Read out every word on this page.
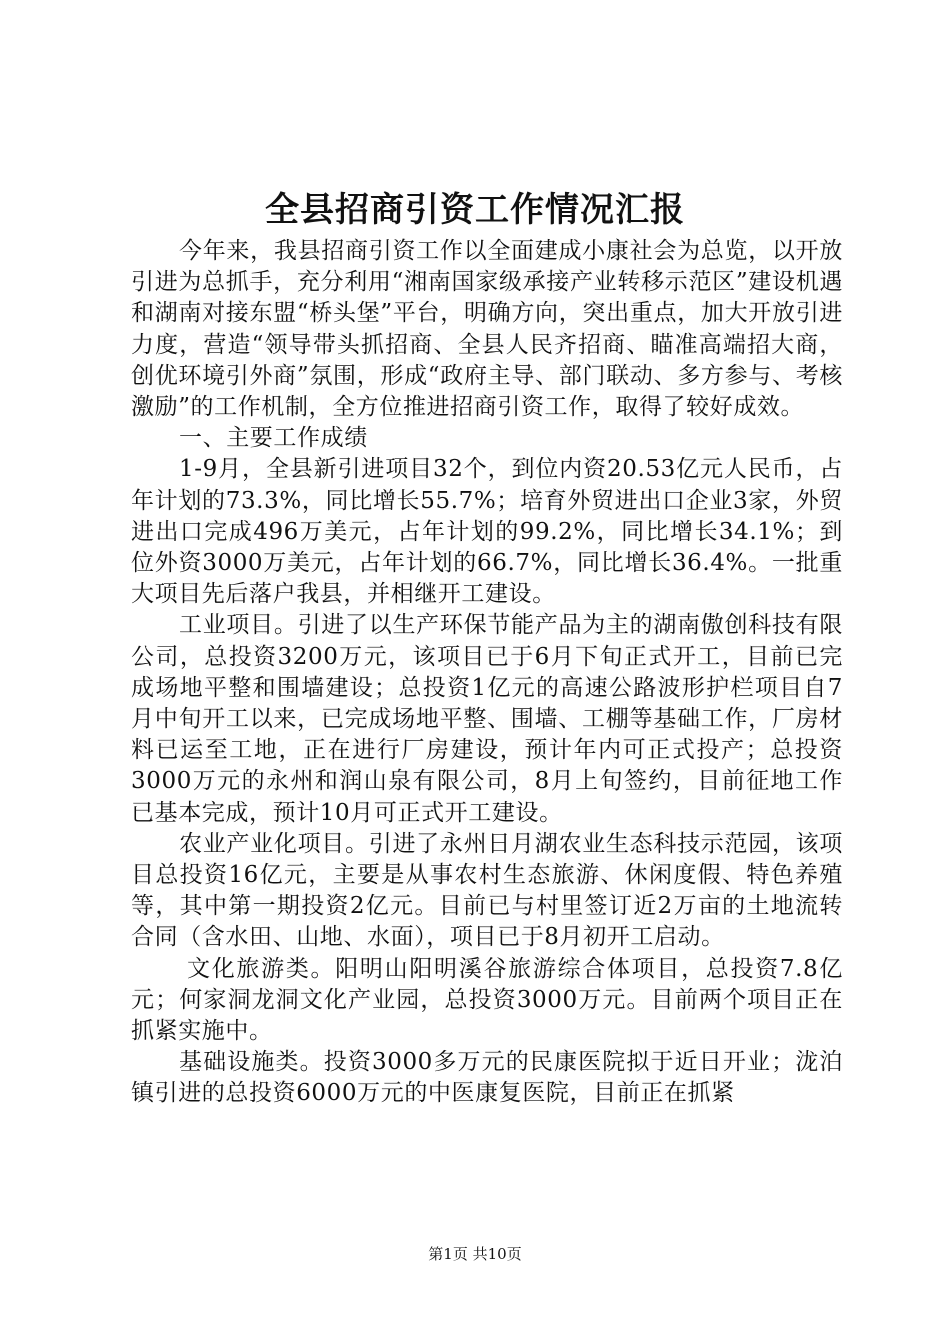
全县招商引资工作情况汇报

今年来，我县招商引资工作以全面建成小康社会为总览，以开放引进为总抓手，充分利用“湘南国家级承接产业转移示范区”建设机遇和湖南对接东盟“桥头堡”平台，明确方向，突出重点，加大开放引进力度，营造“领导带头抓招商、全县人民齐招商、瞄准高端招大商，创优环境引外商”氛围，形成“政府主导、部门联动、多方参与、考核激励”的工作机制，全方位推进招商引资工作，取得了较好成效。

一、主要工作成绩

1-9月，全县新引进项目32个，到位内资20.53亿元人民币，占年计划的73.3%，同比增长55.7%；培育外贸进出口企业3家，外贸进出口完成496万美元，占年计划的99.2%，同比增长34.1%；到位外资3000万美元，占年计划的66.7%，同比增长36.4%。一批重大项目先后落户我县，并相继开工建设。

工业项目。引进了以生产环保节能产品为主的湖南傲创科技有限公司，总投资3200万元，该项目已于6月下旬正式开工，目前已完成场地平整和围墙建设；总投资1亿元的高速公路波形护栏项目自7月中旬开工以来，已完成场地平整、围墙、工棚等基础工作，厂房材料已运至工地，正在进行厂房建设，预计年内可正式投产；总投资3000万元的永州和润山泉有限公司，8月上旬签约，目前征地工作已基本完成，预计10月可正式开工建设。

农业产业化项目。引进了永州日月湖农业生态科技示范园，该项目总投资16亿元，主要是从事农村生态旅游、休闲度假、特色养殖等，其中第一期投资2亿元。目前已与村里签订近2万亩的土地流转合同（含水田、山地、水面），项目已于8月初开工启动。

文化旅游类。阳明山阳明溪谷旅游综合体项目，总投资7.8亿元；何家洞龙洞文化产业园，总投资3000万元。目前两个项目正在抓紧实施中。

基础设施类。投资3000多万元的民康医院拟于近日开业；泷泊镇引进的总投资6000万元的中医康复医院，目前正在抓紧

第1页 共10页
